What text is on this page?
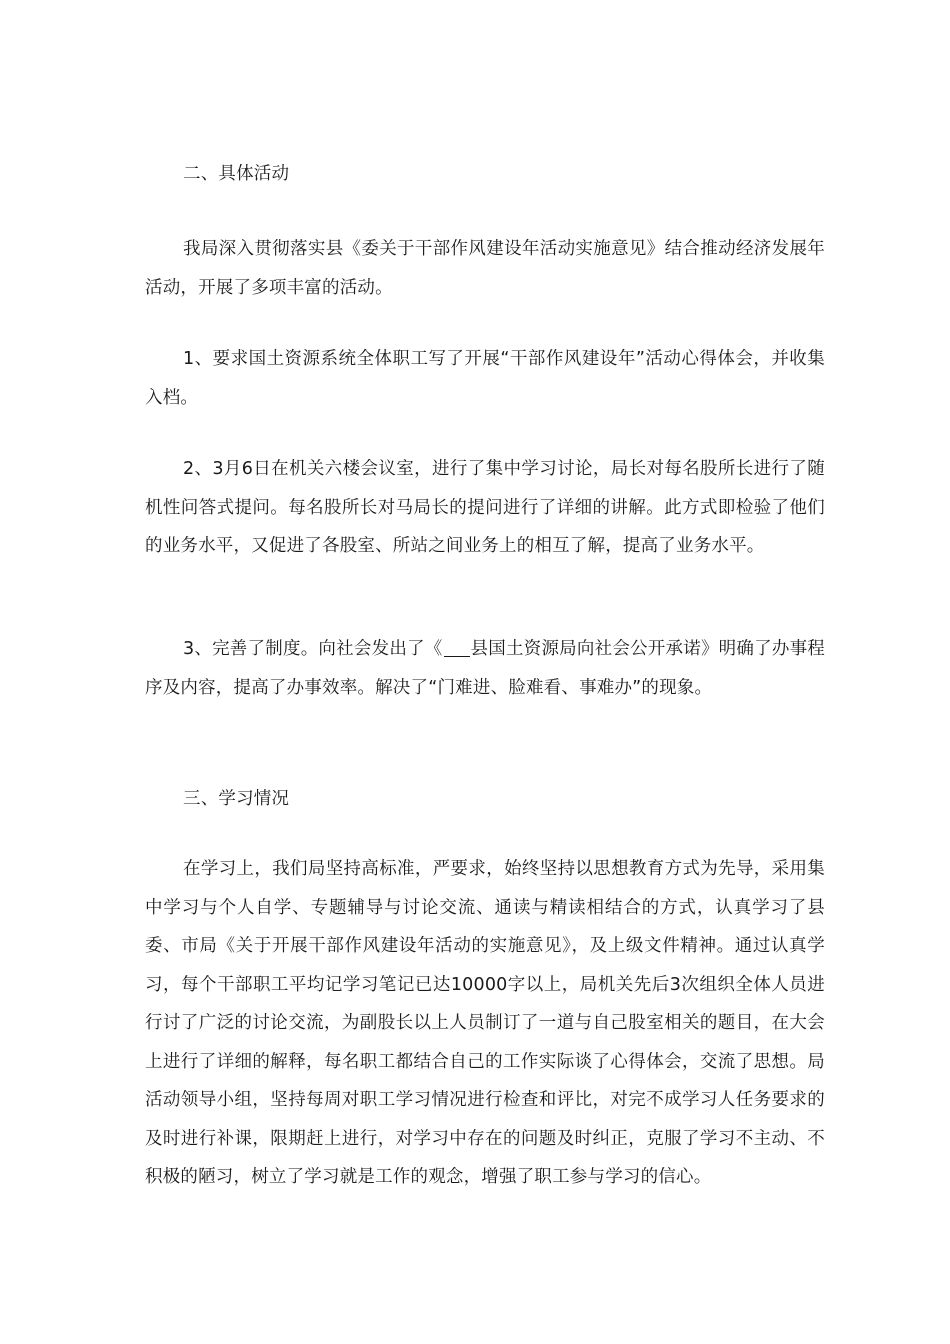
二、具体活动

我局深入贯彻落实县《委关于干部作风建设年活动实施意见》结合推动经济发展年活动，开展了多项丰富的活动。

1、要求国土资源系统全体职工写了开展“干部作风建设年”活动心得体会，并收集入档。

2、3月6日在机关六楼会议室，进行了集中学习讨论，局长对每名股所长进行了随机性问答式提问。每名股所长对马局长的提问进行了详细的讲解。此方式即检验了他们的业务水平，又促进了各股室、所站之间业务上的相互了解，提高了业务水平。

3、完善了制度。向社会发出了《 县国土资源局向社会公开承诺》明确了办事程序及内容，提高了办事效率。解决了“门难进、脸难看、事难办”的现象。

三、学习情况

在学习上，我们局坚持高标准，严要求，始终坚持以思想教育方式为先导，采用集中学习与个人自学、专题辅导与讨论交流、通读与精读相结合的方式，认真学习了县委、市局《关于开展干部作风建设年活动的实施意见》，及上级文件精神。通过认真学习，每个干部职工平均记学习笔记已达10000字以上，局机关先后3次组织全体人员进行讨了广泛的讨论交流，为副股长以上人员制订了一道与自己股室相关的题目，在大会上进行了详细的解释，每名职工都结合自己的工作实际谈了心得体会，交流了思想。局活动领导小组，坚持每周对职工学习情况进行检查和评比，对完不成学习人任务要求的及时进行补课，限期赶上进行，对学习中存在的问题及时纠正，克服了学习不主动、不积极的陋习，树立了学习就是工作的观念，增强了职工参与学习的信心。
